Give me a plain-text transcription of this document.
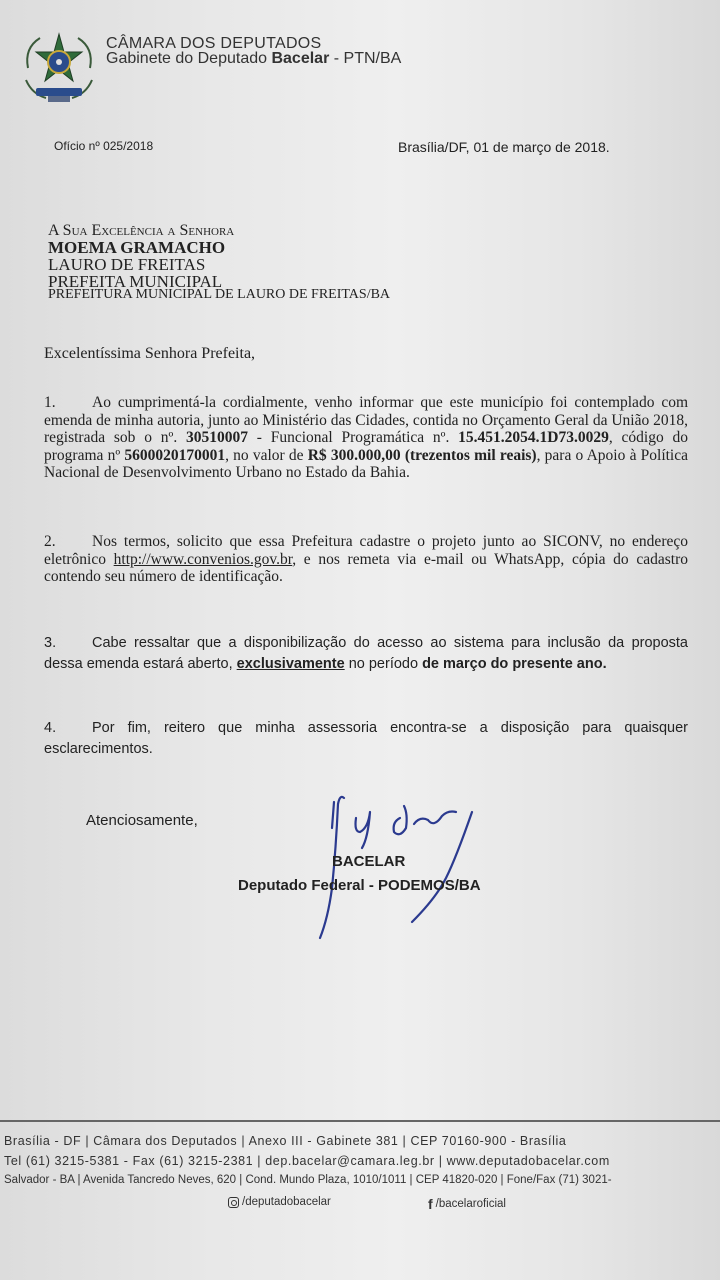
CÂMARA DOS DEPUTADOS
Gabinete do Deputado Bacelar - PTN/BA
Ofício nº 025/2018	Brasília/DF, 01 de março de 2018.
A Sua Excelência a Senhora
MOEMA GRAMACHO
LAURO DE FREITAS
PREFEITA MUNICIPAL
PREFEITURA MUNICIPAL DE LAURO DE FREITAS/BA
Excelentíssima Senhora Prefeita,
1. Ao cumprimentá-la cordialmente, venho informar que este município foi contemplado com emenda de minha autoria, junto ao Ministério das Cidades, contida no Orçamento Geral da União 2018, registrada sob o nº. 30510007 - Funcional Programática nº. 15.451.2054.1D73.0029, código do programa nº 5600020170001, no valor de R$ 300.000,00 (trezentos mil reais), para o Apoio à Política Nacional de Desenvolvimento Urbano no Estado da Bahia.
2. Nos termos, solicito que essa Prefeitura cadastre o projeto junto ao SICONV, no endereço eletrônico http://www.convenios.gov.br, e nos remeta via e-mail ou WhatsApp, cópia do cadastro contendo seu número de identificação.
3. Cabe ressaltar que a disponibilização do acesso ao sistema para inclusão da proposta dessa emenda estará aberto, exclusivamente no período de março do presente ano.
4. Por fim, reitero que minha assessoria encontra-se a disposição para quaisquer esclarecimentos.
Atenciosamente,
BACELAR
Deputado Federal - PODEMOS/BA
Brasília - DF | Câmara dos Deputados | Anexo III - Gabinete 381 | CEP 70160-900 - Brasília
Tel (61) 3215-5381 - Fax (61) 3215-2381 | dep.bacelar@camara.leg.br | www.deputadobacelar.com
Salvador - BA | Avenida Tancredo Neves, 620 | Cond. Mundo Plaza, 1010/1011 | CEP 41820-020 | Fone/Fax (71) 3021-
/deputadobacelar	f /bacelaroficial
